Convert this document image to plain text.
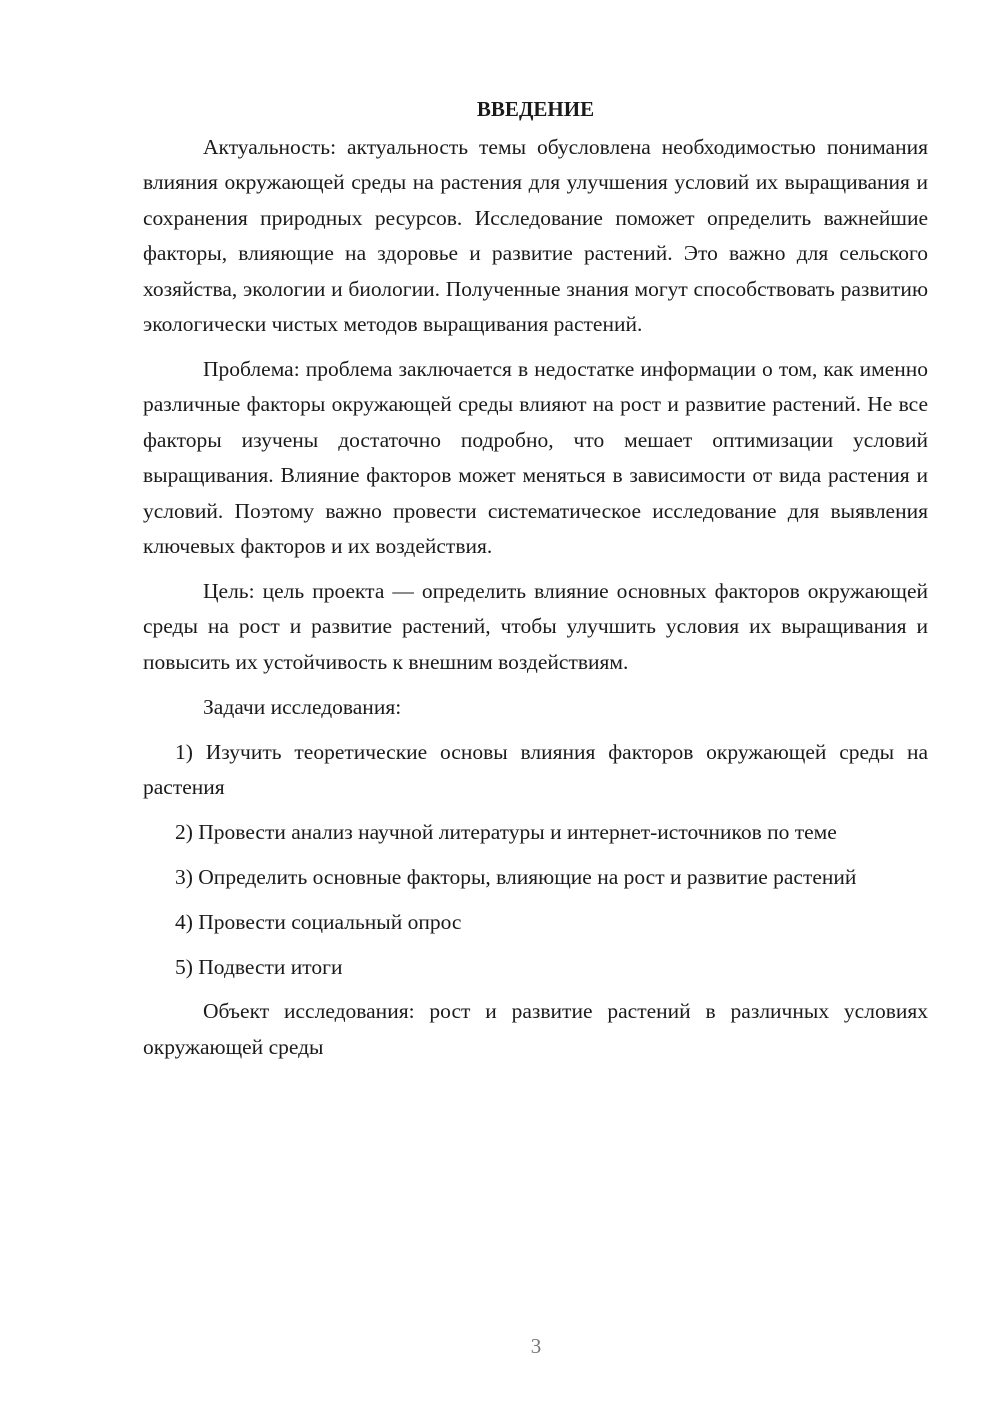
ВВЕДЕНИЕ

Актуальность: актуальность темы обусловлена необходимостью понимания влияния окружающей среды на растения для улучшения условий их выращивания и сохранения природных ресурсов. Исследование поможет определить важнейшие факторы, влияющие на здоровье и развитие растений. Это важно для сельского хозяйства, экологии и биологии. Полученные знания могут способствовать развитию экологически чистых методов выращивания растений.

Проблема: проблема заключается в недостатке информации о том, как именно различные факторы окружающей среды влияют на рост и развитие растений. Не все факторы изучены достаточно подробно, что мешает оптимизации условий выращивания. Влияние факторов может меняться в зависимости от вида растения и условий. Поэтому важно провести систематическое исследование для выявления ключевых факторов и их воздействия.

Цель: цель проекта — определить влияние основных факторов окружающей среды на рост и развитие растений, чтобы улучшить условия их выращивания и повысить их устойчивость к внешним воздействиям.

Задачи исследования:

1) Изучить теоретические основы влияния факторов окружающей среды на растения

2) Провести анализ научной литературы и интернет-источников по теме

3) Определить основные факторы, влияющие на рост и развитие растений

4) Провести социальный опрос

5) Подвести итоги

Объект исследования: рост и развитие растений в различных условиях окружающей среды

3
